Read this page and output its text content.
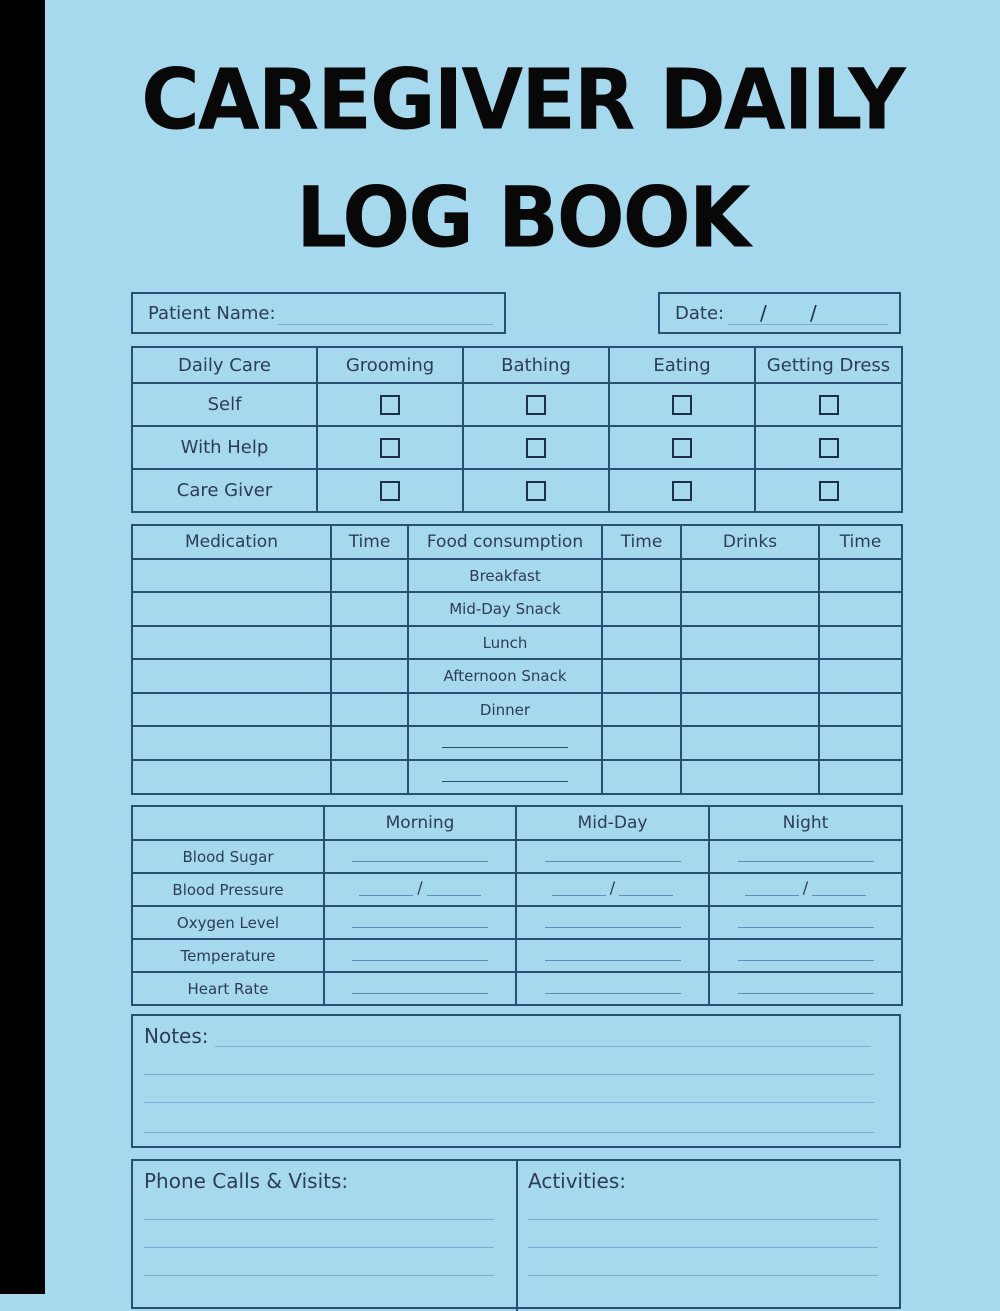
CAREGIVER DAILY
LOG BOOK
Patient Name:	Date: / /
Daily Care	Grooming	Bathing	Eating	Getting Dress
Self				
With Help				
Care Giver				
Medication	Time	Food consumption	Time	Drinks	Time
		Breakfast			
		Mid-Day Snack			
		Lunch			
		Afternoon Snack			
		Dinner			

	Morning	Mid-Day	Night
Blood Sugar			
Blood Pressure	/	/	/

Oxygen Level			
Temperature			
Heart Rate			
Notes:
Phone Calls & Visits:	Activities:
